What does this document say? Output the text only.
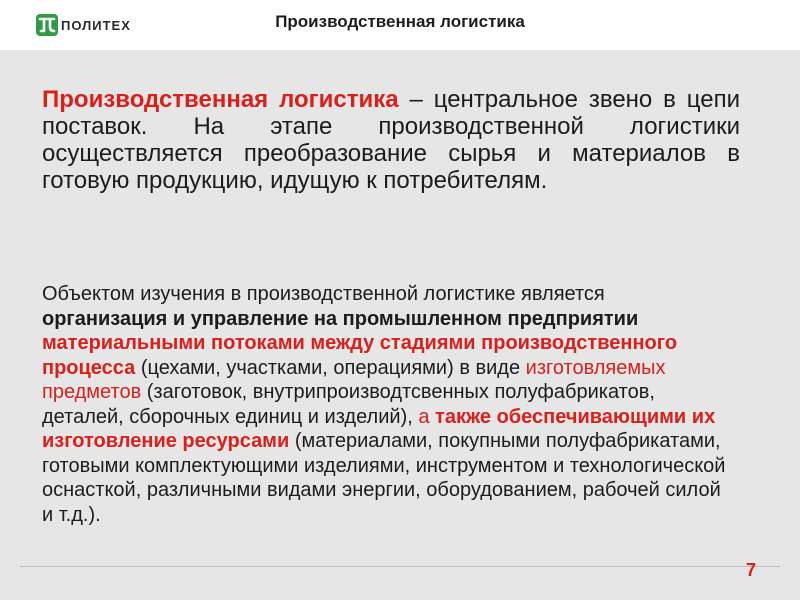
ПОЛИТЕХ	Производственная логистика

Производственная логистика – центральное звено в цепи поставок. На этапе производственной логистики осуществляется преобразование сырья и материалов в готовую продукцию, идущую к потребителям.

Объектом изучения в производственной логистике является организация и управление на промышленном предприятии материальными потоками между стадиями производственного процесса (цехами, участками, операциями) в виде изготовляемых предметов (заготовок, внутрипроизводтсвенных полуфабрикатов, деталей, сборочных единиц и изделий), а также обеспечивающими их изготовление ресурсами (материалами, покупными полуфабрикатами, готовыми комплектующими изделиями, инструментом и технологической оснасткой, различными видами энергии, оборудованием, рабочей силой и т.д.).

7
